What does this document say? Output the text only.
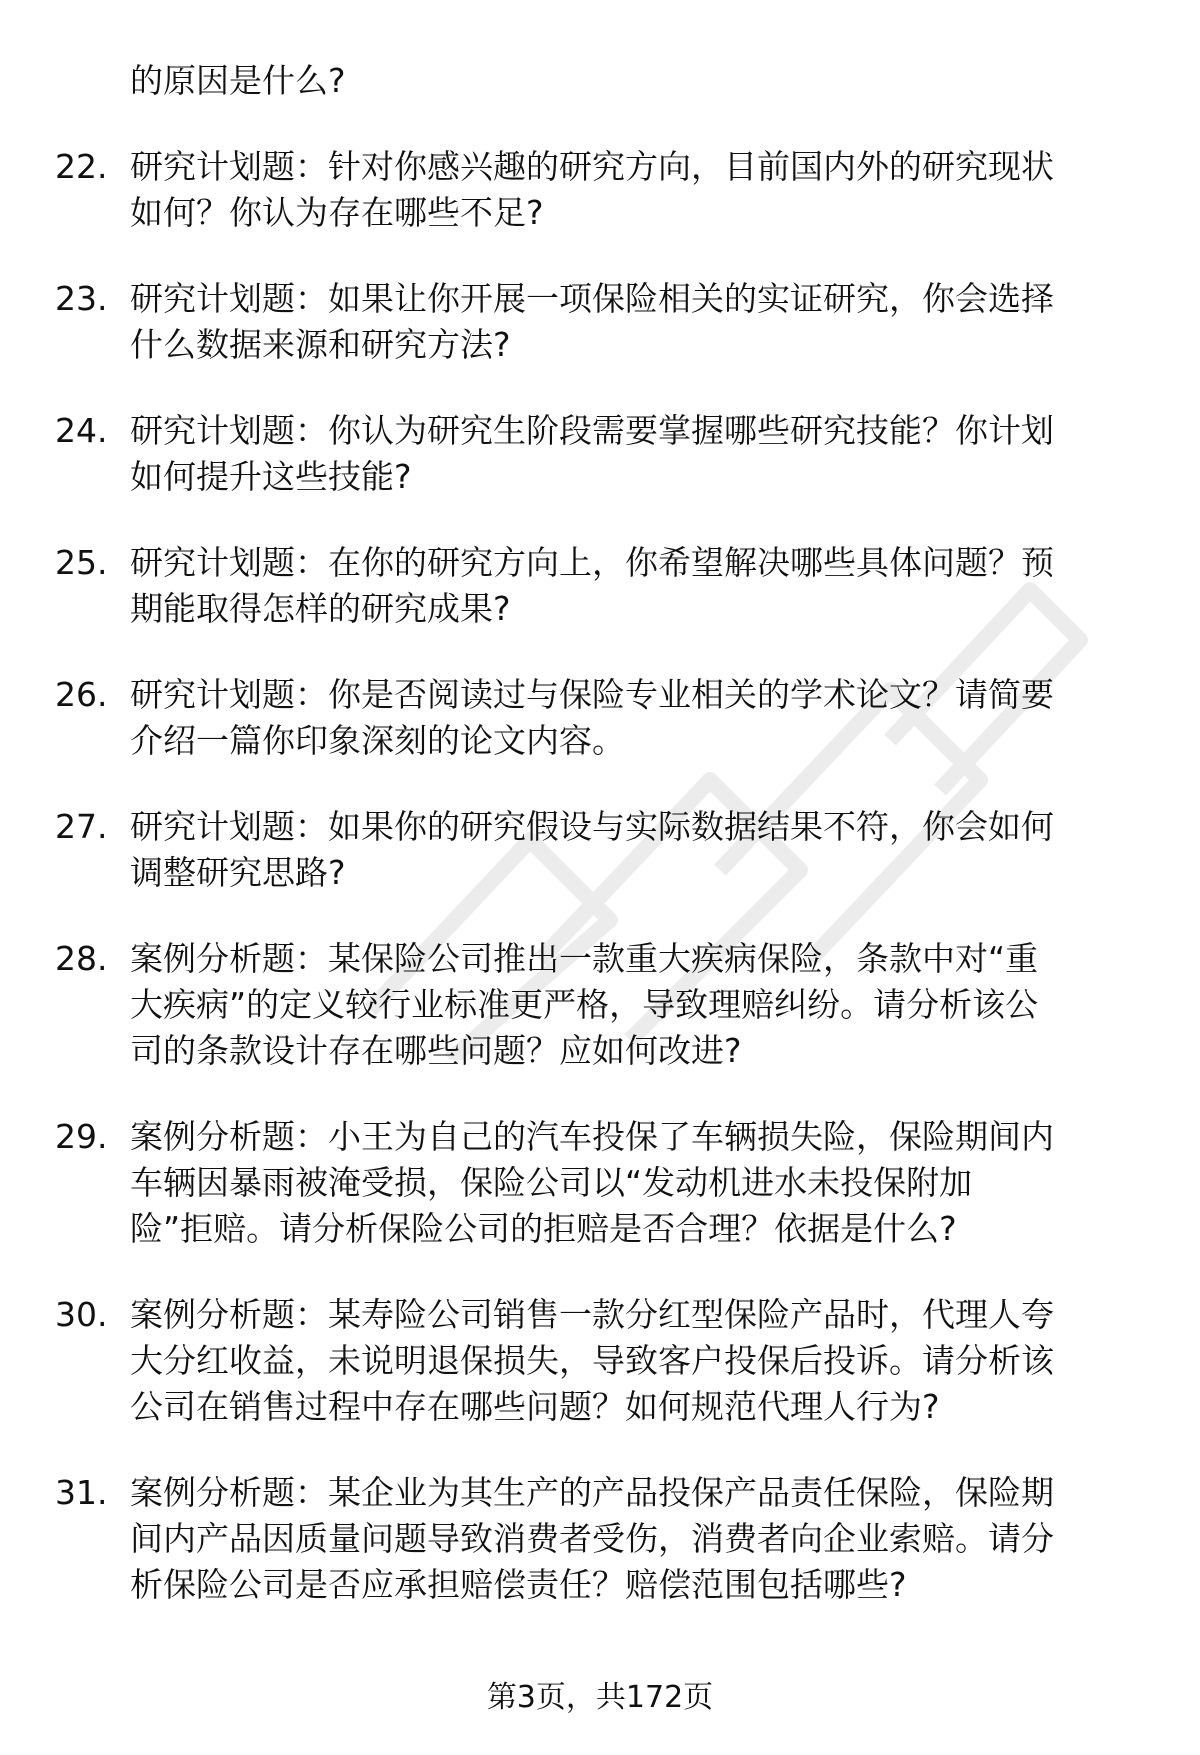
的原因是什么?
22. 研究计划题：针对你感兴趣的研究方向，目前国内外的研究现状
如何？你认为存在哪些不足?
23. 研究计划题：如果让你开展一项保险相关的实证研究，你会选择
什么数据来源和研究方法?
24. 研究计划题：你认为研究生阶段需要掌握哪些研究技能？你计划
如何提升这些技能?
25. 研究计划题：在你的研究方向上，你希望解决哪些具体问题？预
期能取得怎样的研究成果?
26. 研究计划题：你是否阅读过与保险专业相关的学术论文？请简要
介绍一篇你印象深刻的论文内容。
27. 研究计划题：如果你的研究假设与实际数据结果不符，你会如何
调整研究思路?
28. 案例分析题：某保险公司推出一款重大疾病保险，条款中对“重
大疾病”的定义较行业标准更严格，导致理赔纠纷。请分析该公
司的条款设计存在哪些问题？应如何改进?
29. 案例分析题：小王为自己的汽车投保了车辆损失险，保险期间内
车辆因暴雨被淹受损，保险公司以“发动机进水未投保附加
险”拒赔。请分析保险公司的拒赔是否合理？依据是什么?
30. 案例分析题：某寿险公司销售一款分红型保险产品时，代理人夸
大分红收益，未说明退保损失，导致客户投保后投诉。请分析该
公司在销售过程中存在哪些问题？如何规范代理人行为?
31. 案例分析题：某企业为其生产的产品投保产品责任保险，保险期
间内产品因质量问题导致消费者受伤，消费者向企业索赔。请分
析保险公司是否应承担赔偿责任？赔偿范围包括哪些?
第3页，共172页
